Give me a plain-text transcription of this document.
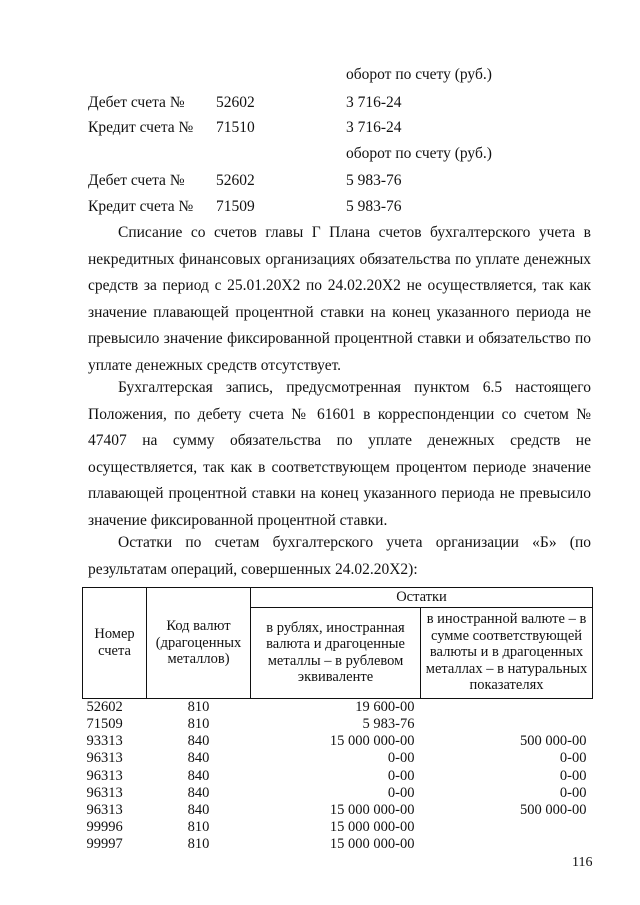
оборот по счету (руб.)
Дебет счета № 52602	3 716-24
Кредит счета № 71510	3 716-24
оборот по счету (руб.)
Дебет счета № 52602	5 983-76
Кредит счета № 71509	5 983-76

Списание со счетов главы Г Плана счетов бухгалтерского учета в некредитных финансовых организациях обязательства по уплате денежных средств за период с 25.01.20Х2 по 24.02.20Х2 не осуществляется, так как значение плавающей процентной ставки на конец указанного периода не превысило значение фиксированной процентной ставки и обязательство по уплате денежных средств отсутствует.

Бухгалтерская запись, предусмотренная пунктом 6.5 настоящего Положения, по дебету счета № 61601 в корреспонденции со счетом № 47407 на сумму обязательства по уплате денежных средств не осуществляется, так как в соответствующем процентом периоде значение плавающей процентной ставки на конец указанного периода не превысило значение фиксированной процентной ставки.

Остатки по счетам бухгалтерского учета организации «Б» (по результатам операций, совершенных 24.02.20Х2):

Номер счета	Код валют (драгоценных металлов)	Остатки	
		в рублях, иностранная валюта и драгоценные металлы – в рублевом эквиваленте	в иностранной валюте – в сумме соответствующей валюты и в драгоценных металлах – в натуральных показателях
52602	810	19 600-00	
71509	810	5 983-76	
93313	840	15 000 000-00	500 000-00
96313	840	0-00	0-00
96313	840	0-00	0-00
96313	840	0-00	0-00
96313	840	15 000 000-00	500 000-00
99996	810	15 000 000-00	
99997	810	15 000 000-00	
116
